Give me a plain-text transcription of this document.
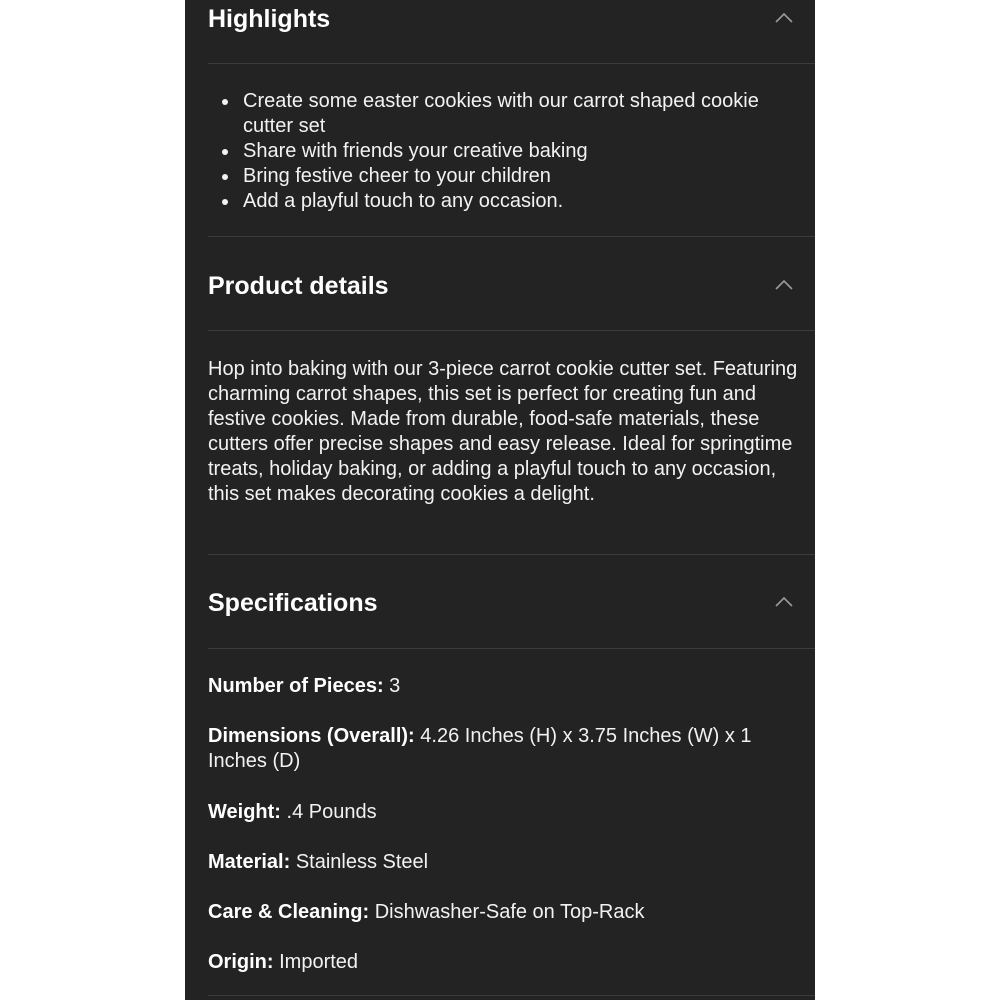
Highlights
Create some easter cookies with our carrot shaped cookie cutter set
Share with friends your creative baking
Bring festive cheer to your children
Add a playful touch to any occasion.
Product details

Hop into baking with our 3-piece carrot cookie cutter set. Featuring charming carrot shapes, this set is perfect for creating fun and festive cookies. Made from durable, food-safe materials, these cutters offer precise shapes and easy release. Ideal for springtime treats, holiday baking, or adding a playful touch to any occasion, this set makes decorating cookies a delight.

Specifications

Number of Pieces: 3

Dimensions (Overall): 4.26 Inches (H) x 3.75 Inches (W) x 1 Inches (D)

Weight: .4 Pounds

Material: Stainless Steel

Care & Cleaning: Dishwasher-Safe on Top-Rack

Origin: Imported
